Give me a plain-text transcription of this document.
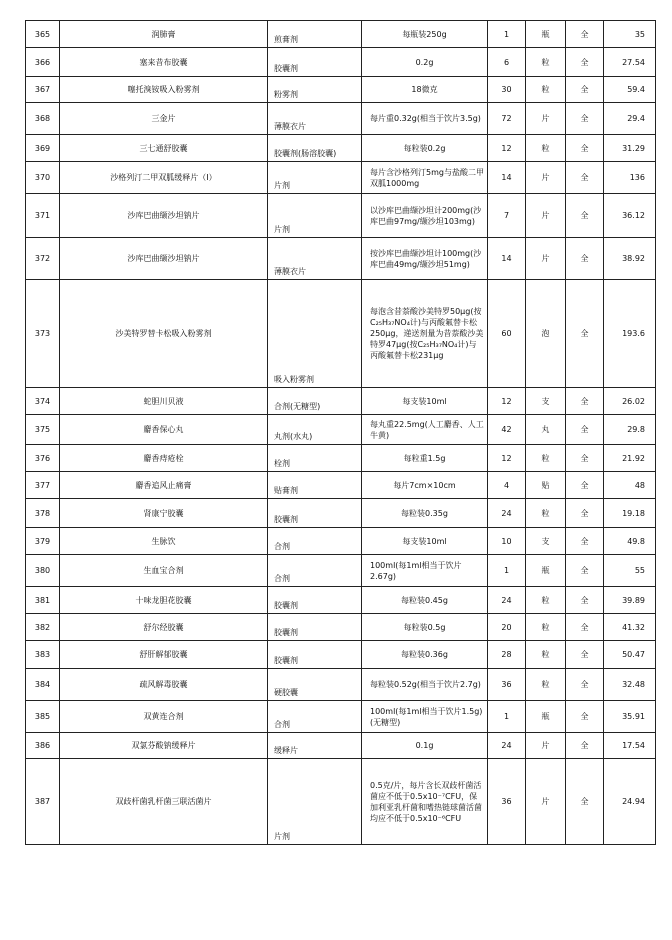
365	润肺膏	煎膏剂	每瓶装250g	1	瓶	全	35
366	塞来昔布胶囊	胶囊剂	0.2g	6	粒	全	27.54
367	噻托溴铵吸入粉雾剂	粉雾剂	18微克	30	粒	全	59.4
368	三金片	薄膜衣片	每片重0.32g(相当于饮片3.5g)	72	片	全	29.4
369	三七通舒胶囊	胶囊剂(肠溶胶囊)	每粒装0.2g	12	粒	全	31.29
370	沙格列汀二甲双胍缓释片（Ⅰ）	片剂	每片含沙格列汀5mg与盐酸二甲双胍1000mg	14	片	全	136
371	沙库巴曲缬沙坦钠片	片剂	以沙库巴曲缬沙坦计200mg(沙库巴曲97mg/缬沙坦103mg)	7	片	全	36.12
372	沙库巴曲缬沙坦钠片	薄膜衣片	按沙库巴曲缬沙坦计100mg(沙库巴曲49mg/缬沙坦51mg)	14	片	全	38.92
373	沙美特罗替卡松吸入粉雾剂	吸入粉雾剂	每泡含昔萘酸沙美特罗50μg(按C₂₅H₃₇NO₄计)与丙酸氟替卡松250μg，递送剂量为昔萘酸沙美特罗47μg(按C₂₅H₃₇NO₄计)与丙酸氟替卡松231μg	60	泡	全	193.6
374	蛇胆川贝液	合剂(无糖型)	每支装10ml	12	支	全	26.02
375	麝香保心丸	丸剂(水丸)	每丸重22.5mg(人工麝香、人工牛黄)	42	丸	全	29.8
376	麝香痔疮栓	栓剂	每粒重1.5g	12	粒	全	21.92
377	麝香追风止痛膏	贴膏剂	每片7cm×10cm	4	贴	全	48
378	肾康宁胶囊	胶囊剂	每粒装0.35g	24	粒	全	19.18
379	生脉饮	合剂	每支装10ml	10	支	全	49.8
380	生血宝合剂	合剂	100ml(每1ml相当于饮片2.67g)	1	瓶	全	55
381	十味龙胆花胶囊	胶囊剂	每粒装0.45g	24	粒	全	39.89
382	舒尔经胶囊	胶囊剂	每粒装0.5g	20	粒	全	41.32
383	舒肝解郁胶囊	胶囊剂	每粒装0.36g	28	粒	全	50.47
384	疏风解毒胶囊	硬胶囊	每粒装0.52g(相当于饮片2.7g)	36	粒	全	32.48
385	双黄连合剂	合剂	100ml(每1ml相当于饮片1.5g)(无糖型)	1	瓶	全	35.91
386	双氯芬酸钠缓释片	缓释片	0.1g	24	片	全	17.54
387	双歧杆菌乳杆菌三联活菌片	片剂	0.5克/片，每片含长双歧杆菌活菌应不低于0.5x10⁻⁷CFU，保加利亚乳杆菌和嗜热链球菌活菌均应不低于0.5x10⁻⁶CFU	36	片	全	24.94
